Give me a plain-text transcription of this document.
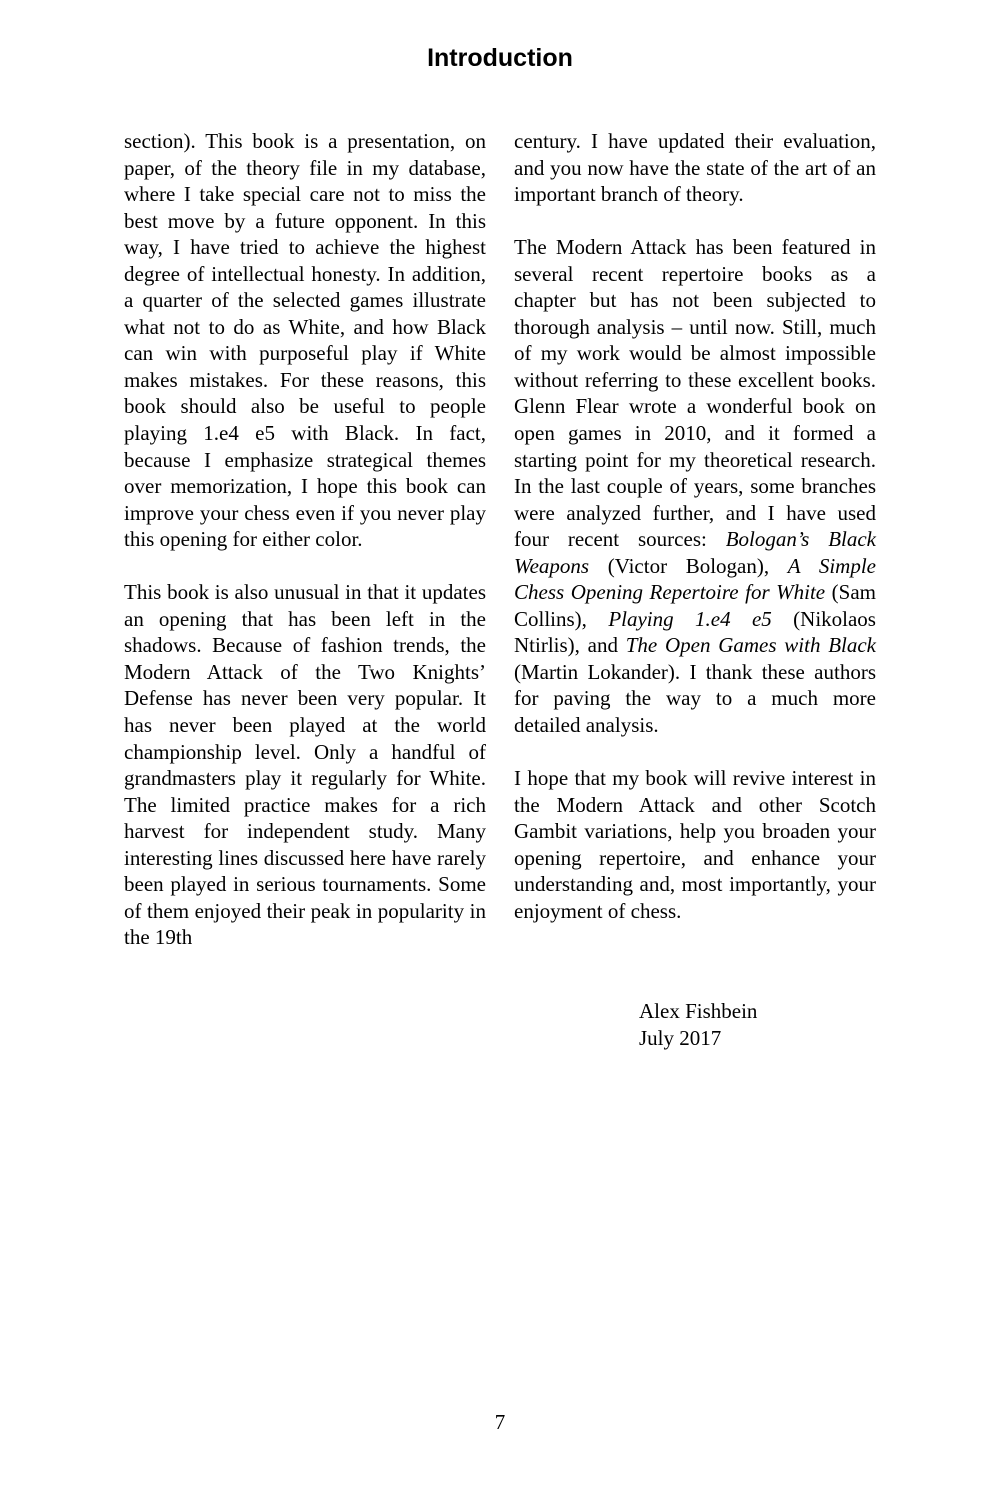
Introduction

section). This book is a presentation, on paper, of the theory file in my database, where I take special care not to miss the best move by a future opponent. In this way, I have tried to achieve the highest degree of intellectual honesty. In addition, a quarter of the selected games illustrate what not to do as White, and how Black can win with purposeful play if White makes mistakes. For these reasons, this book should also be useful to people playing 1.e4 e5 with Black. In fact, because I emphasize strategical themes over memorization, I hope this book can improve your chess even if you never play this opening for either color.

This book is also unusual in that it updates an opening that has been left in the shadows. Because of fashion trends, the Modern Attack of the Two Knights’ Defense has never been very popular. It has never been played at the world championship level. Only a handful of grandmasters play it regularly for White. The limited practice makes for a rich harvest for independent study. Many interesting lines discussed here have rarely been played in serious tournaments. Some of them enjoyed their peak in popularity in the 19th

century. I have updated their evaluation, and you now have the state of the art of an important branch of theory.

The Modern Attack has been featured in several recent repertoire books as a chapter but has not been subjected to thorough analysis – until now. Still, much of my work would be almost impossible without referring to these excellent books. Glenn Flear wrote a wonderful book on open games in 2010, and it formed a starting point for my theoretical research. In the last couple of years, some branches were analyzed further, and I have used four recent sources: Bologan’s Black Weapons (Victor Bologan), A Simple Chess Opening Repertoire for White (Sam Collins), Playing 1.e4 e5 (Nikolaos Ntirlis), and The Open Games with Black (Martin Lokander). I thank these authors for paving the way to a much more detailed analysis.

I hope that my book will revive interest in the Modern Attack and other Scotch Gambit variations, help you broaden your opening repertoire, and enhance your understanding and, most importantly, your enjoyment of chess.

Alex Fishbein
July 2017
7
